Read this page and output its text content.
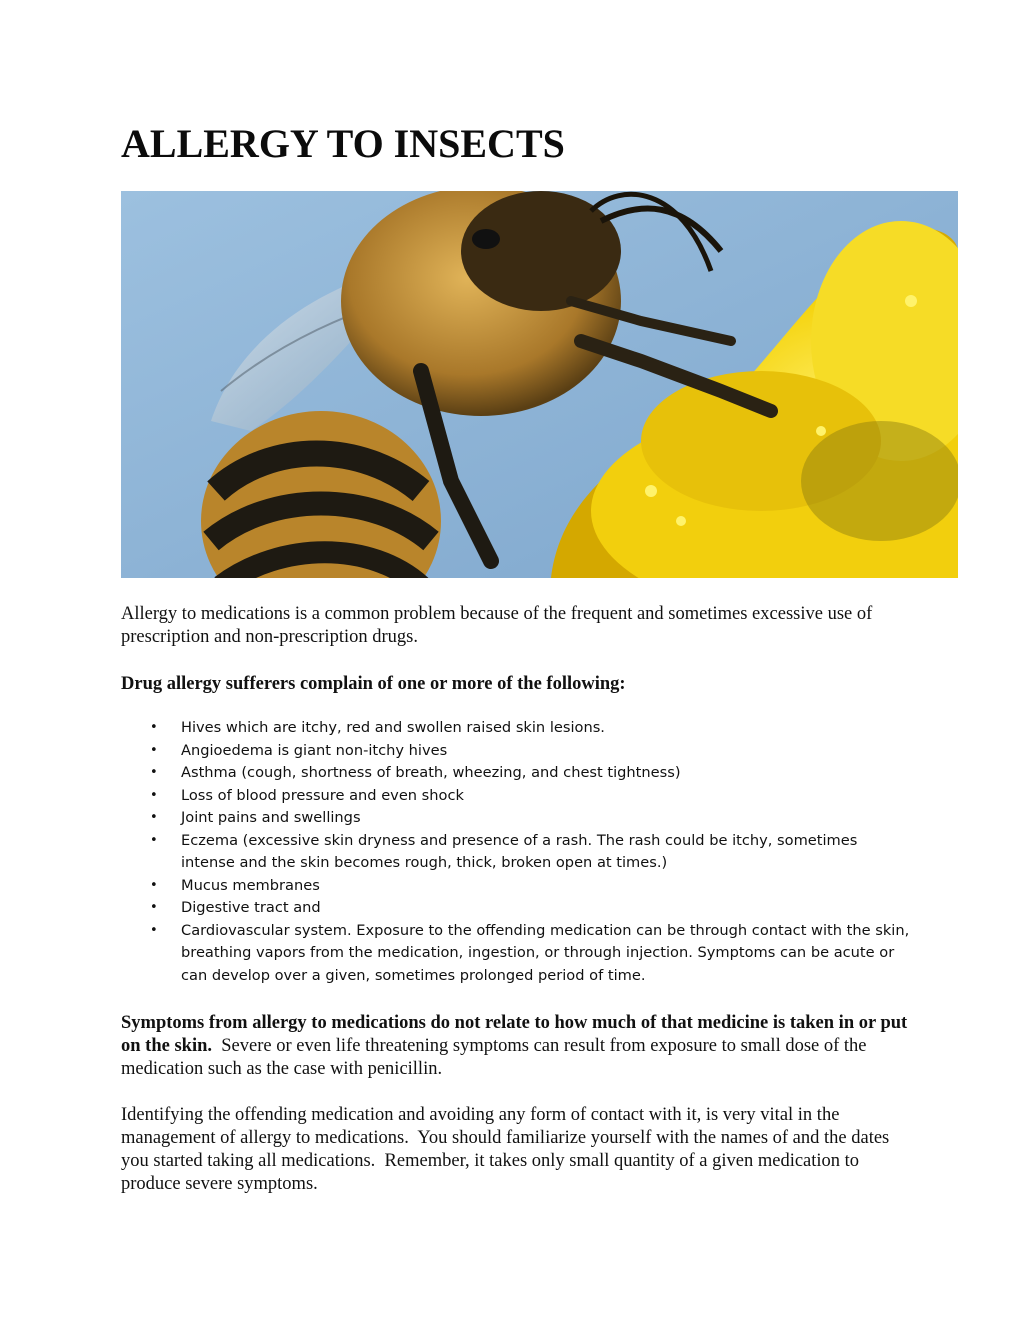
ALLERGY TO INSECTS

Allergy to medications is a common problem because of the frequent and sometimes excessive use of prescription and non-prescription drugs.

Drug allergy sufferers complain of one or more of the following:

• Hives which are itchy, red and swollen raised skin lesions.
• Angioedema is giant non-itchy hives
• Asthma (cough, shortness of breath, wheezing, and chest tightness)
• Loss of blood pressure and even shock
• Joint pains and swellings
• Eczema (excessive skin dryness and presence of a rash. The rash could be itchy, sometimes intense and the skin becomes rough, thick, broken open at times.)
• Mucus membranes
• Digestive tract and
• Cardiovascular system. Exposure to the offending medication can be through contact with the skin, breathing vapors from the medication, ingestion, or through injection. Symptoms can be acute or can develop over a given, sometimes prolonged period of time.

Symptoms from allergy to medications do not relate to how much of that medicine is taken in or put on the skin.  Severe or even life threatening symptoms can result from exposure to small dose of the medication such as the case with penicillin.

Identifying the offending medication and avoiding any form of contact with it, is very vital in the management of allergy to medications.  You should familiarize yourself with the names of and the dates you started taking all medications.  Remember, it takes only small quantity of a given medication to produce severe symptoms.
